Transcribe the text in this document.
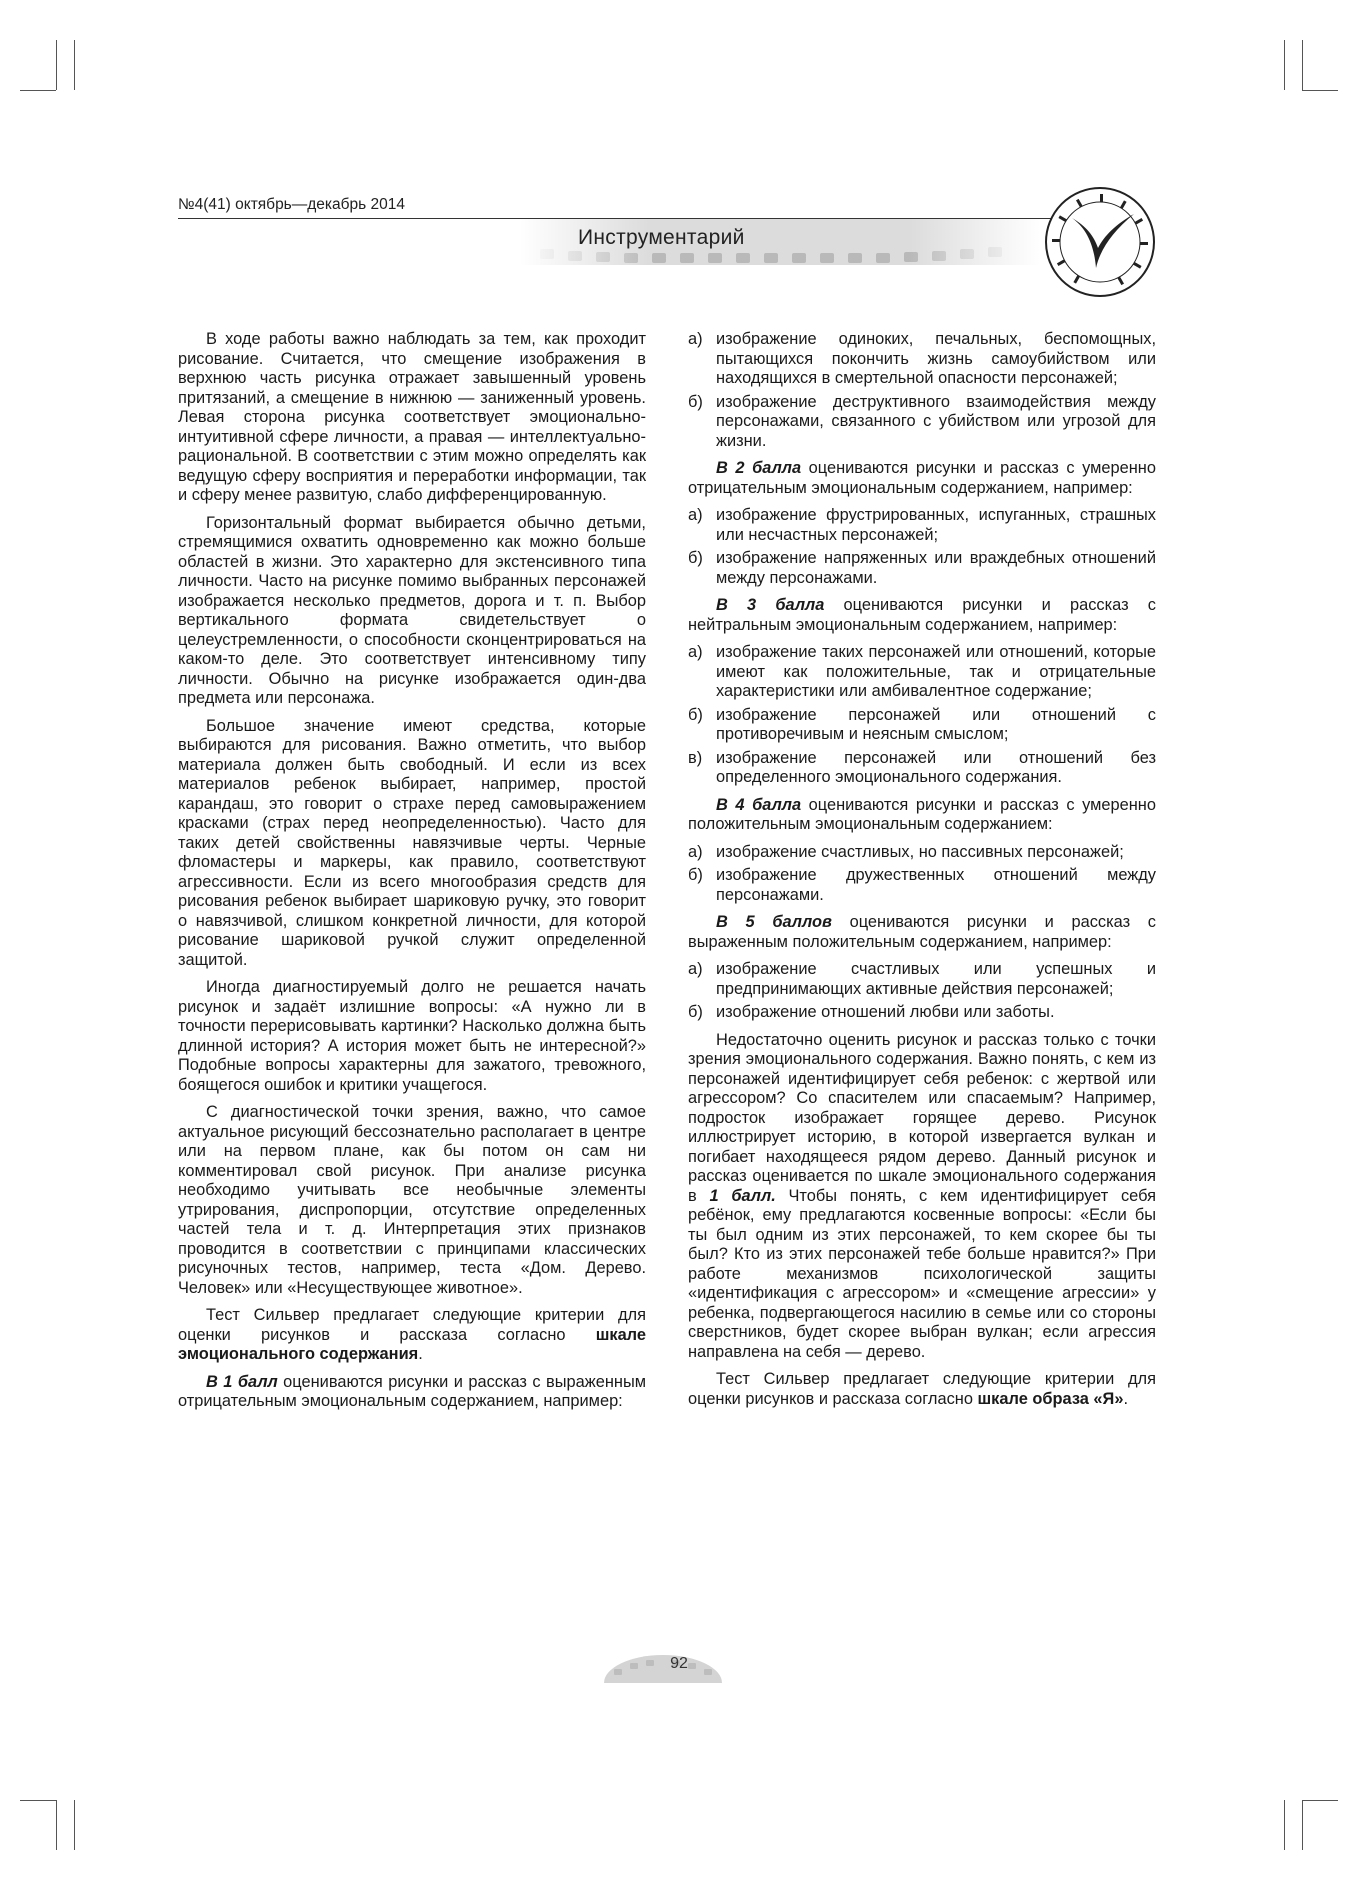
№4(41) октябрь—декабрь 2014
Инструментарий

В ходе работы важно наблюдать за тем, как проходит рисование. Считается, что смещение изображения в верхнюю часть рисунка отражает завышенный уровень притязаний, а смещение в нижнюю — заниженный уровень. Левая сторона рисунка соответствует эмоционально-интуитивной сфере личности, а правая — интеллектуально-рациональной. В соответствии с этим можно определять как ведущую сферу восприятия и переработки информации, так и сферу менее развитую, слабо дифференцированную.

Горизонтальный формат выбирается обычно детьми, стремящимися охватить одновременно как можно больше областей в жизни. Это характерно для экстенсивного типа личности. Часто на рисунке помимо выбранных персонажей изображается несколько предметов, дорога и т. п. Выбор вертикального формата свидетельствует о целеустремленности, о способности сконцентрироваться на каком-то деле. Это соответствует интенсивному типу личности. Обычно на рисунке изображается один-два предмета или персонажа.

Большое значение имеют средства, которые выбираются для рисования. Важно отметить, что выбор материала должен быть свободный. И если из всех материалов ребенок выбирает, например, простой карандаш, это говорит о страхе перед самовыражением красками (страх перед неопределенностью). Часто для таких детей свойственны навязчивые черты. Черные фломастеры и маркеры, как правило, соответствуют агрессивности. Если из всего многообразия средств для рисования ребенок выбирает шариковую ручку, это говорит о навязчивой, слишком конкретной личности, для которой рисование шариковой ручкой служит определенной защитой.

Иногда диагностируемый долго не решается начать рисунок и задаёт излишние вопросы: «А нужно ли в точности перерисовывать картинки? Насколько должна быть длинной история? А история может быть не интересной?» Подобные вопросы характерны для зажатого, тревожного, боящегося ошибок и критики учащегося.

С диагностической точки зрения, важно, что самое актуальное рисующий бессознательно располагает в центре или на первом плане, как бы потом он сам ни комментировал свой рисунок. При анализе рисунка необходимо учитывать все необычные элементы утрирования, диспропорции, отсутствие определенных частей тела и т. д. Интерпретация этих признаков проводится в соответствии с принципами классических рисуночных тестов, например, теста «Дом. Дерево. Человек» или «Несуществующее животное».

Тест Сильвер предлагает следующие критерии для оценки рисунков и рассказа согласно шкале эмоционального содержания.

В 1 балл оцениваются рисунки и рассказ с выраженным отрицательным эмоциональным содержанием, например:

а) изображение одиноких, печальных, беспомощных, пытающихся покончить жизнь самоубийством или находящихся в смертельной опасности персонажей;
б) изображение деструктивного взаимодействия между персонажами, связанного с убийством или угрозой для жизни.

В 2 балла оцениваются рисунки и рассказ с умеренно отрицательным эмоциональным содержанием, например:

а) изображение фрустрированных, испуганных, страшных или несчастных персонажей;
б) изображение напряженных или враждебных отношений между персонажами.

В 3 балла оцениваются рисунки и рассказ с нейтральным эмоциональным содержанием, например:

а) изображение таких персонажей или отношений, которые имеют как положительные, так и отрицательные характеристики или амбивалентное содержание;
б) изображение персонажей или отношений с противоречивым и неясным смыслом;
в) изображение персонажей или отношений без определенного эмоционального содержания.

В 4 балла оцениваются рисунки и рассказ с умеренно положительным эмоциональным содержанием:

а) изображение счастливых, но пассивных персонажей;
б) изображение дружественных отношений между персонажами.

В 5 баллов оцениваются рисунки и рассказ с выраженным положительным содержанием, например:

а) изображение счастливых или успешных и предпринимающих активные действия персонажей;
б) изображение отношений любви или заботы.

Недостаточно оценить рисунок и рассказ только с точки зрения эмоционального содержания. Важно понять, с кем из персонажей идентифицирует себя ребенок: с жертвой или агрессором? Со спасителем или спасаемым? Например, подросток изображает горящее дерево. Рисунок иллюстрирует историю, в которой извергается вулкан и погибает находящееся рядом дерево. Данный рисунок и рассказ оценивается по шкале эмоционального содержания в 1 балл. Чтобы понять, с кем идентифицирует себя ребёнок, ему предлагаются косвенные вопросы: «Если бы ты был одним из этих персонажей, то кем скорее бы ты был? Кто из этих персонажей тебе больше нравится?» При работе механизмов психологической защиты «идентификация с агрессором» и «смещение агрессии» у ребенка, подвергающегося насилию в семье или со стороны сверстников, будет скорее выбран вулкан; если агрессия направлена на себя — дерево.

Тест Сильвер предлагает следующие критерии для оценки рисунков и рассказа согласно шкале образа «Я».

92
